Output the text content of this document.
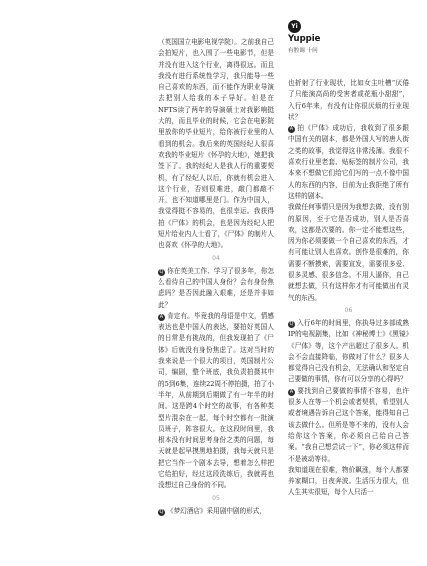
Yi
Yuppie
有腔调 十问

（英国国立电影电视学院）。之前我自己会拍短片，也入围了一些电影节，但是并没有进入这个行业，离得很远。而且我没有进行系统性学习，我只能导一些自己喜欢的东西，而不能作为职业导演去把别人给我的本子导好。但是在NFTS读了两年的导演硕士对我影响挺大的，而且毕业的时候，它会在电影院里放你的毕业短片，给你被行业里的人看到的机会。我后来的英国经纪人很喜欢我的毕业短片《怀孕的大地》，她把我签下了。我的经纪人是我人行的重要契机，有了经纪人以后，你就有机会进入这个行业，否则很难进，敲门都敲不开，也不知道哪里是门。作为中国人，我觉得挺不容易的，也很幸运。我获得拍《尸体》的机会，也是因为经纪人把短片给业内人士看了，《尸体》的制片人也喜欢《怀孕的大地》。

04

Q 你在英美工作、学习了很多年，你怎么看待自己的中国人身份？会有身份焦虑吗？是否因此融入艰难，还是并非如此？

A 肯定有。毕竟我的母语是中文，情感表达也是中国人的表达，要拍好英国人的日常是有挑战的，但我发现拍了《尸体》后就没有身份焦虑了。这对当时的我来说是一个很大的项目，英国制片公司，编剧，整个班底，我负责拍摄其中的5到6集，连续22周不停拍摄，拍了小半年，从前期到后期做了有一年半的时间。这是跨4个时空的故事，有各种类型片混杂在一起，每个时空都有一批演员班子，阵容很大。在这段时间里，我根本没有时间思考身份之类的问题，每天就是起早摸黑地拍摄，我每天就只是把它当作一个剧本去导，想着怎么样把它给拍好，经过这段洗练后，我就再也没想过自己身份的不同。

05

Q 《梦幻酒店》采用剧中剧的形式，

也折射了行业现状，比如女主吐槽“厌倦了只能演高尚的受害者或花瓶小甜甜”，入行6年来，有没有让你很厌烦的行业现状？

A 拍《尸体》成功后，我收到了很多跟中国有关的剧本，都是外国人写的唐人街之类的故事，我觉得这非常浅薄。我很不喜欢行业里老套、贴标签的制片公司，我本来不想做它们给它们写的一点不像中国人的东西的内容，目前为止我拒绝了所有这样的剧本。

我做任何事情只是因为我想去做，没有别的原因，至于它是否成功，别人是否喜欢，这都是次要的。你一定不能想这些，因为你必须要做一个自己喜欢的东西，才有可能让别人也喜欢。创作是很难的，你需要不断摸索，需要宣发，需要很多爱、很多灵感、很多信念。不用人逼你，自己就想去做，只有这样你才有可能做出有灵气的东西。

06

Q 入行6年的时间里，你执导过多部成熟IP的电视剧集，比如《神秘博士》《黑镜》《尸体》等，这个产出超过了很多人。机会不会直接降临，你做对了什么？很多人都觉得自己没有机会，无法确认和坚定自己要做的事情，你有可以分享的心得吗？

A 要找到自己要做的事情不容易，也许很多人在等一个机会或者契机，希望别人或者境遇告诉自己这个答案，能得知自己该去做什么。但所是等不来的，没有人会给你这个答案，你必须自己给自己答案。“我自己想尝试一下”，你必须这样而不是被动等待。

我知道现在很难，物价飙涨，每个人都要养家糊口，日夜奔波。生活压力很大，但人生其实很短，每个人只活一
